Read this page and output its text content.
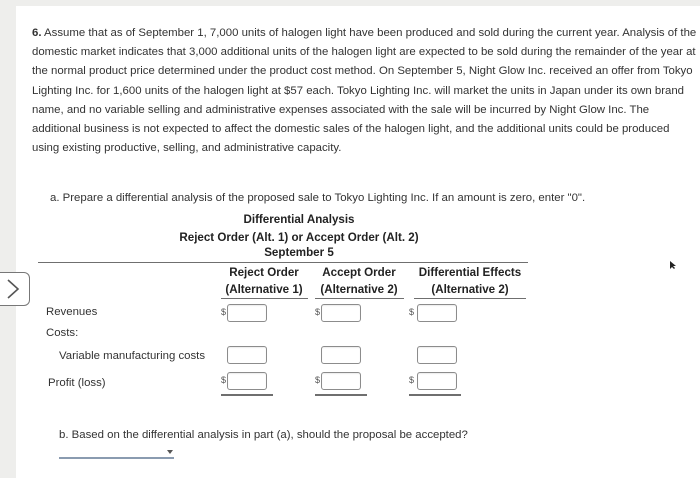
6. Assume that as of September 1, 7,000 units of halogen light have been produced and sold during the current year. Analysis of the domestic market indicates that 3,000 additional units of the halogen light are expected to be sold during the remainder of the year at the normal product price determined under the product cost method. On September 5, Night Glow Inc. received an offer from Tokyo Lighting Inc. for 1,600 units of the halogen light at $57 each. Tokyo Lighting Inc. will market the units in Japan under its own brand name, and no variable selling and administrative expenses associated with the sale will be incurred by Night Glow Inc. The additional business is not expected to affect the domestic sales of the halogen light, and the additional units could be produced using existing productive, selling, and administrative capacity.
a. Prepare a differential analysis of the proposed sale to Tokyo Lighting Inc. If an amount is zero, enter "0".
Differential Analysis
Reject Order (Alt. 1) or Accept Order (Alt. 2)
September 5
Reject Order
(Alternative 1)
Accept Order
(Alternative 2)
Differential Effects
(Alternative 2)
Revenues	$	$	$
Costs:
Variable manufacturing costs
Profit (loss)	$	$	$
b. Based on the differential analysis in part (a), should the proposal be accepted?
